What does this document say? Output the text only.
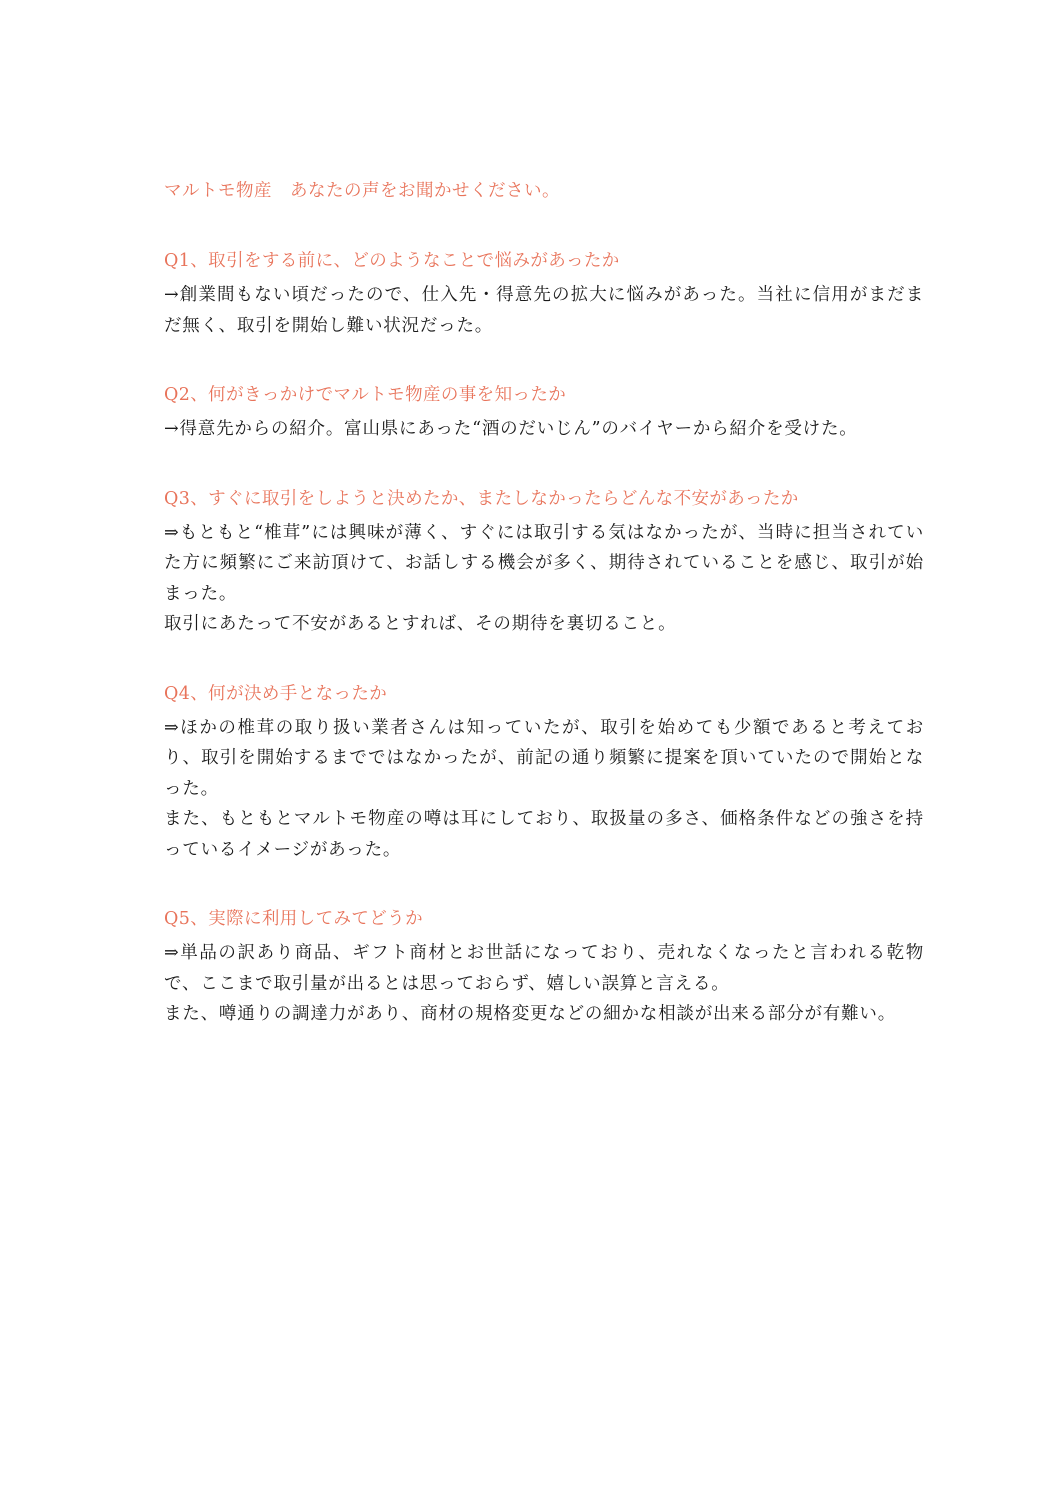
マルトモ物産　あなたの声をお聞かせください。
Q1、取引をする前に、どのようなことで悩みがあったか

→創業間もない頃だったので、仕入先・得意先の拡大に悩みがあった。当社に信用がまだまだ無く、取引を開始し難い状況だった。

Q2、何がきっかけでマルトモ物産の事を知ったか

→得意先からの紹介。富山県にあった“酒のだいじん”のバイヤーから紹介を受けた。

Q3、すぐに取引をしようと決めたか、またしなかったらどんな不安があったか

⇒もともと“椎茸”には興味が薄く、すぐには取引する気はなかったが、当時に担当されていた方に頻繁にご来訪頂けて、お話しする機会が多く、期待されていることを感じ、取引が始まった。

取引にあたって不安があるとすれば、その期待を裏切ること。

Q4、何が決め手となったか

⇒ほかの椎茸の取り扱い業者さんは知っていたが、取引を始めても少額であると考えており、取引を開始するまでではなかったが、前記の通り頻繁に提案を頂いていたので開始となった。

また、もともとマルトモ物産の噂は耳にしており、取扱量の多さ、価格条件などの強さを持っているイメージがあった。

Q5、実際に利用してみてどうか

⇒単品の訳あり商品、ギフト商材とお世話になっており、売れなくなったと言われる乾物で、ここまで取引量が出るとは思っておらず、嬉しい誤算と言える。

また、噂通りの調達力があり、商材の規格変更などの細かな相談が出来る部分が有難い。
